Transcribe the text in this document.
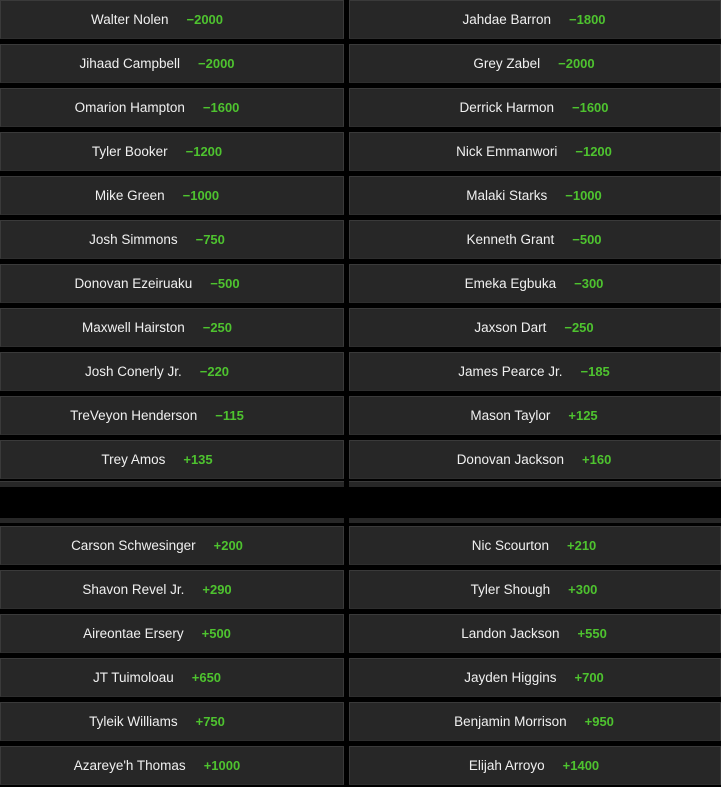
Walter Nolen −2000	Jahdae Barron −1800
Jihaad Campbell −2000	Grey Zabel −2000
Omarion Hampton −1600	Derrick Harmon −1600
Tyler Booker −1200	Nick Emmanwori −1200
Mike Green −1000	Malaki Starks −1000
Josh Simmons −750	Kenneth Grant −500
Donovan Ezeiruaku −500	Emeka Egbuka −300
Maxwell Hairston −250	Jaxson Dart −250
Josh Conerly Jr. −220	James Pearce Jr. −185
TreVeyon Henderson −115	Mason Taylor +125
Trey Amos +135	Donovan Jackson +160
Carson Schwesinger +200	Nic Scourton +210
Shavon Revel Jr. +290	Tyler Shough +300
Aireontae Ersery +500	Landon Jackson +550
JT Tuimoloau +650	Jayden Higgins +700
Tyleik Williams +750	Benjamin Morrison +950
Azareye'h Thomas +1000	Elijah Arroyo +1400
